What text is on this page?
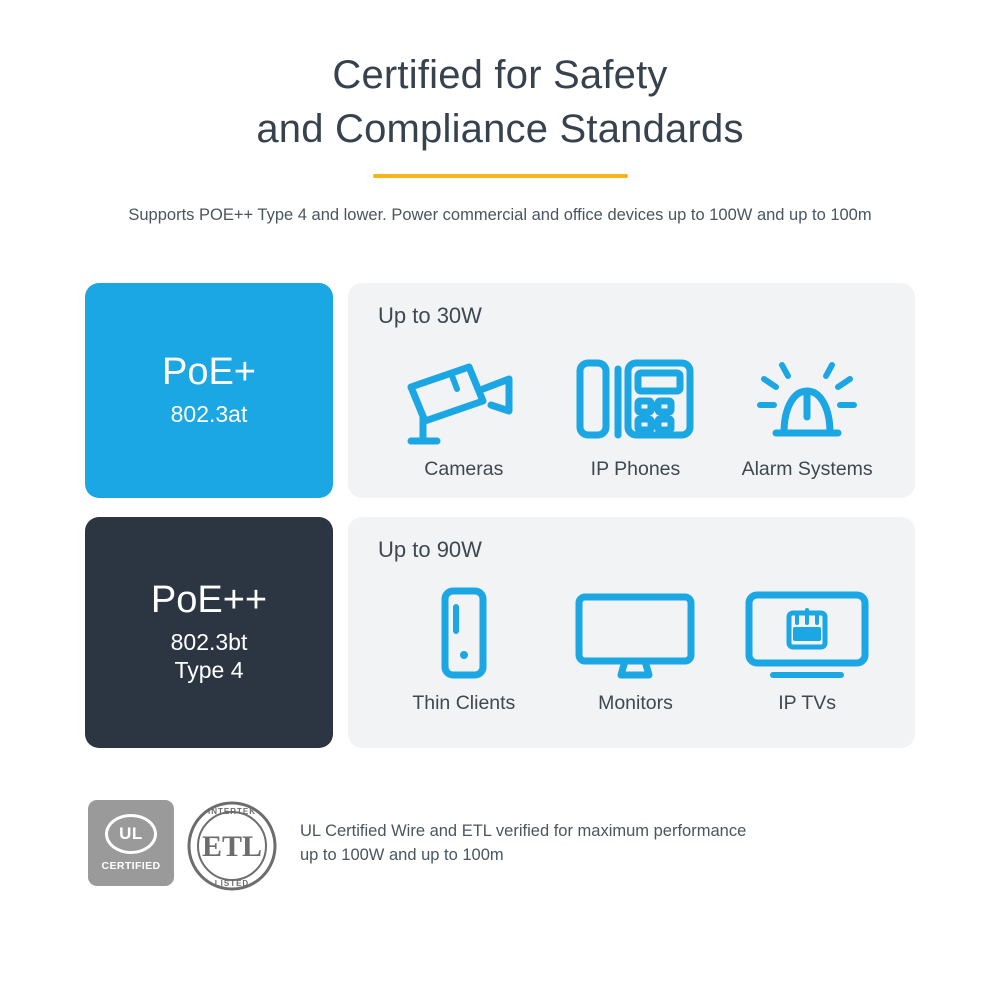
Certified for Safety
and Compliance Standards
Supports POE++ Type 4 and lower. Power commercial and office devices up to 100W and up to 100m
PoE+
802.3at
Up to 30W
Cameras	IP Phones	Alarm Systems
PoE++
802.3bt
Type 4
Up to 90W
Thin Clients	Monitors	IP TVs
UL
CERTIFIED
ETL
INTERTEK
LISTED
UL Certified Wire and ETL verified for maximum performance
up to 100W and up to 100m
